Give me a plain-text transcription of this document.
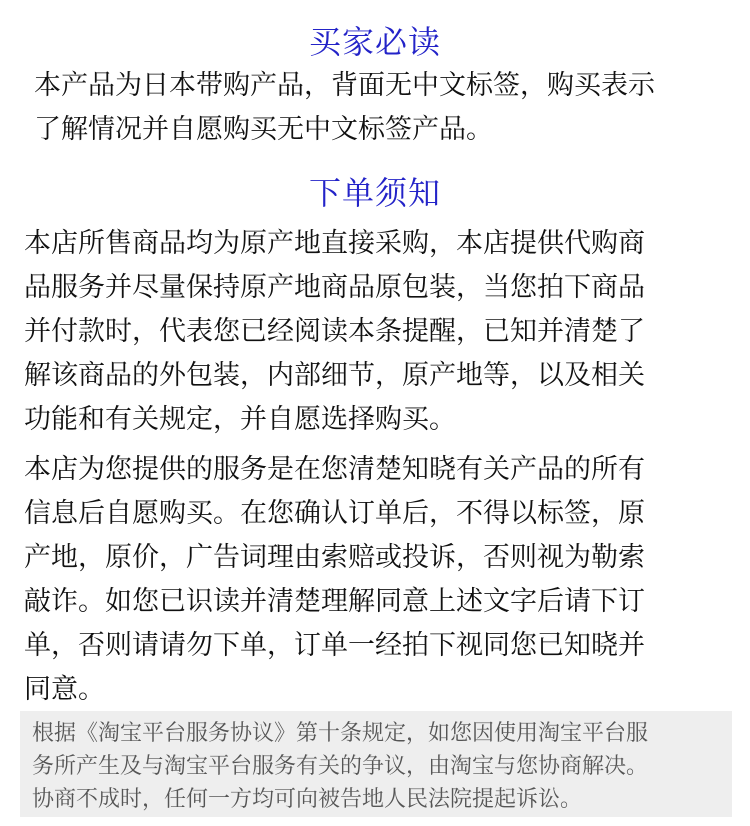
买家必读

本产品为日本带购产品，背面无中文标签，购买表示
了解情况并自愿购买无中文标签产品。

下单须知

本店所售商品均为原产地直接采购，本店提供代购商
品服务并尽量保持原产地商品原包装，当您拍下商品
并付款时，代表您已经阅读本条提醒，已知并清楚了
解该商品的外包装，内部细节，原产地等，以及相关
功能和有关规定，并自愿选择购买。

本店为您提供的服务是在您清楚知晓有关产品的所有
信息后自愿购买。在您确认订单后，不得以标签，原
产地，原价，广告词理由索赔或投诉，否则视为勒索
敲诈。如您已识读并清楚理解同意上述文字后请下订
单，否则请请勿下单，订单一经拍下视同您已知晓并
同意。

根据《淘宝平台服务协议》第十条规定，如您因使用淘宝平台服
务所产生及与淘宝平台服务有关的争议，由淘宝与您协商解决。
协商不成时，任何一方均可向被告地人民法院提起诉讼。
